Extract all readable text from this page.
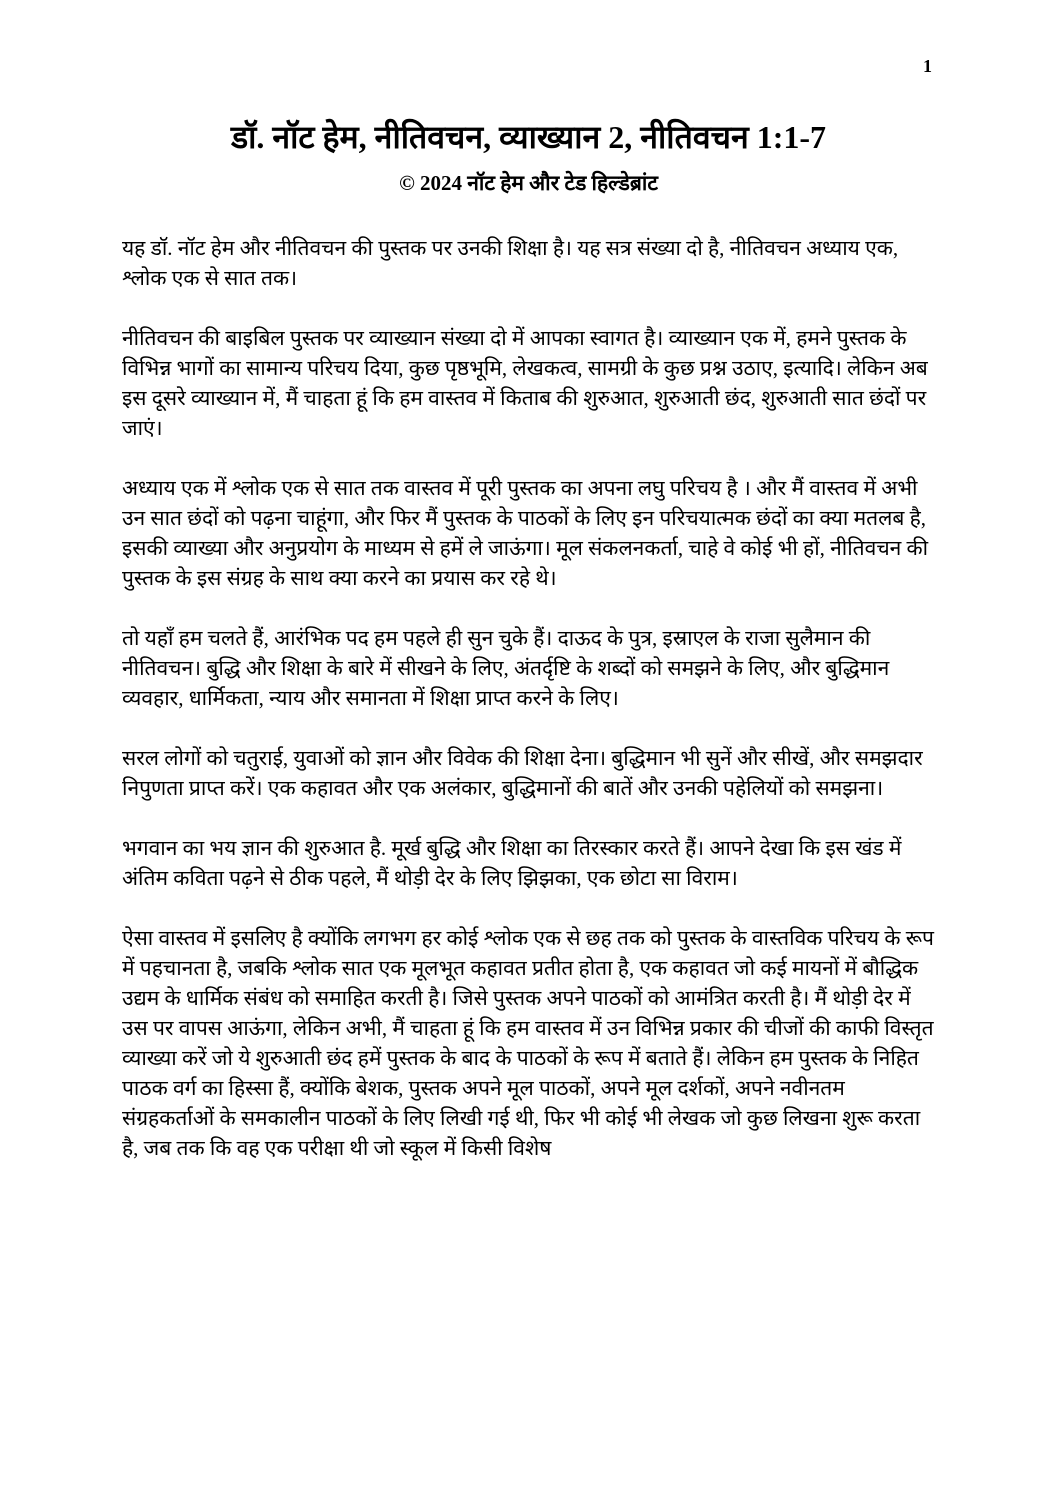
1
डॉ. नॉट हेम, नीतिवचन, व्याख्यान 2, नीतिवचन 1:1-7
© 2024 नॉट हेम और टेड हिल्डेब्रांट

यह डॉ. नॉट हेम और नीतिवचन की पुस्तक पर उनकी शिक्षा है। यह सत्र संख्या दो है, नीतिवचन अध्याय एक, श्लोक एक से सात तक।

नीतिवचन की बाइबिल पुस्तक पर व्याख्यान संख्या दो में आपका स्वागत है। व्याख्यान एक में, हमने पुस्तक के विभिन्न भागों का सामान्य परिचय दिया, कुछ पृष्ठभूमि, लेखकत्व, सामग्री के कुछ प्रश्न उठाए, इत्यादि। लेकिन अब इस दूसरे व्याख्यान में, मैं चाहता हूं कि हम वास्तव में किताब की शुरुआत, शुरुआती छंद, शुरुआती सात छंदों पर जाएं।

अध्याय एक में श्लोक एक से सात तक वास्तव में पूरी पुस्तक का अपना लघु परिचय है । और मैं वास्तव में अभी उन सात छंदों को पढ़ना चाहूंगा, और फिर मैं पुस्तक के पाठकों के लिए इन परिचयात्मक छंदों का क्या मतलब है, इसकी व्याख्या और अनुप्रयोग के माध्यम से हमें ले जाऊंगा। मूल संकलनकर्ता, चाहे वे कोई भी हों, नीतिवचन की पुस्तक के इस संग्रह के साथ क्या करने का प्रयास कर रहे थे।

तो यहाँ हम चलते हैं, आरंभिक पद हम पहले ही सुन चुके हैं। दाऊद के पुत्र, इस्राएल के राजा सुलैमान की नीतिवचन। बुद्धि और शिक्षा के बारे में सीखने के लिए, अंतर्दृष्टि के शब्दों को समझने के लिए, और बुद्धिमान व्यवहार, धार्मिकता, न्याय और समानता में शिक्षा प्राप्त करने के लिए।

सरल लोगों को चतुराई, युवाओं को ज्ञान और विवेक की शिक्षा देना। बुद्धिमान भी सुनें और सीखें, और समझदार निपुणता प्राप्त करें। एक कहावत और एक अलंकार, बुद्धिमानों की बातें और उनकी पहेलियों को समझना।

भगवान का भय ज्ञान की शुरुआत है. मूर्ख बुद्धि और शिक्षा का तिरस्कार करते हैं। आपने देखा कि इस खंड में अंतिम कविता पढ़ने से ठीक पहले, मैं थोड़ी देर के लिए झिझका, एक छोटा सा विराम।

ऐसा वास्तव में इसलिए है क्योंकि लगभग हर कोई श्लोक एक से छह तक को पुस्तक के वास्तविक परिचय के रूप में पहचानता है, जबकि श्लोक सात एक मूलभूत कहावत प्रतीत होता है, एक कहावत जो कई मायनों में बौद्धिक उद्यम के धार्मिक संबंध को समाहित करती है। जिसे पुस्तक अपने पाठकों को आमंत्रित करती है। मैं थोड़ी देर में उस पर वापस आऊंगा, लेकिन अभी, मैं चाहता हूं कि हम वास्तव में उन विभिन्न प्रकार की चीजों की काफी विस्तृत व्याख्या करें जो ये शुरुआती छंद हमें पुस्तक के बाद के पाठकों के रूप में बताते हैं। लेकिन हम पुस्तक के निहित पाठक वर्ग का हिस्सा हैं, क्योंकि बेशक, पुस्तक अपने मूल पाठकों, अपने मूल दर्शकों, अपने नवीनतम संग्रहकर्ताओं के समकालीन पाठकों के लिए लिखी गई थी, फिर भी कोई भी लेखक जो कुछ लिखना शुरू करता है, जब तक कि वह एक परीक्षा थी जो स्कूल में किसी विशेष
